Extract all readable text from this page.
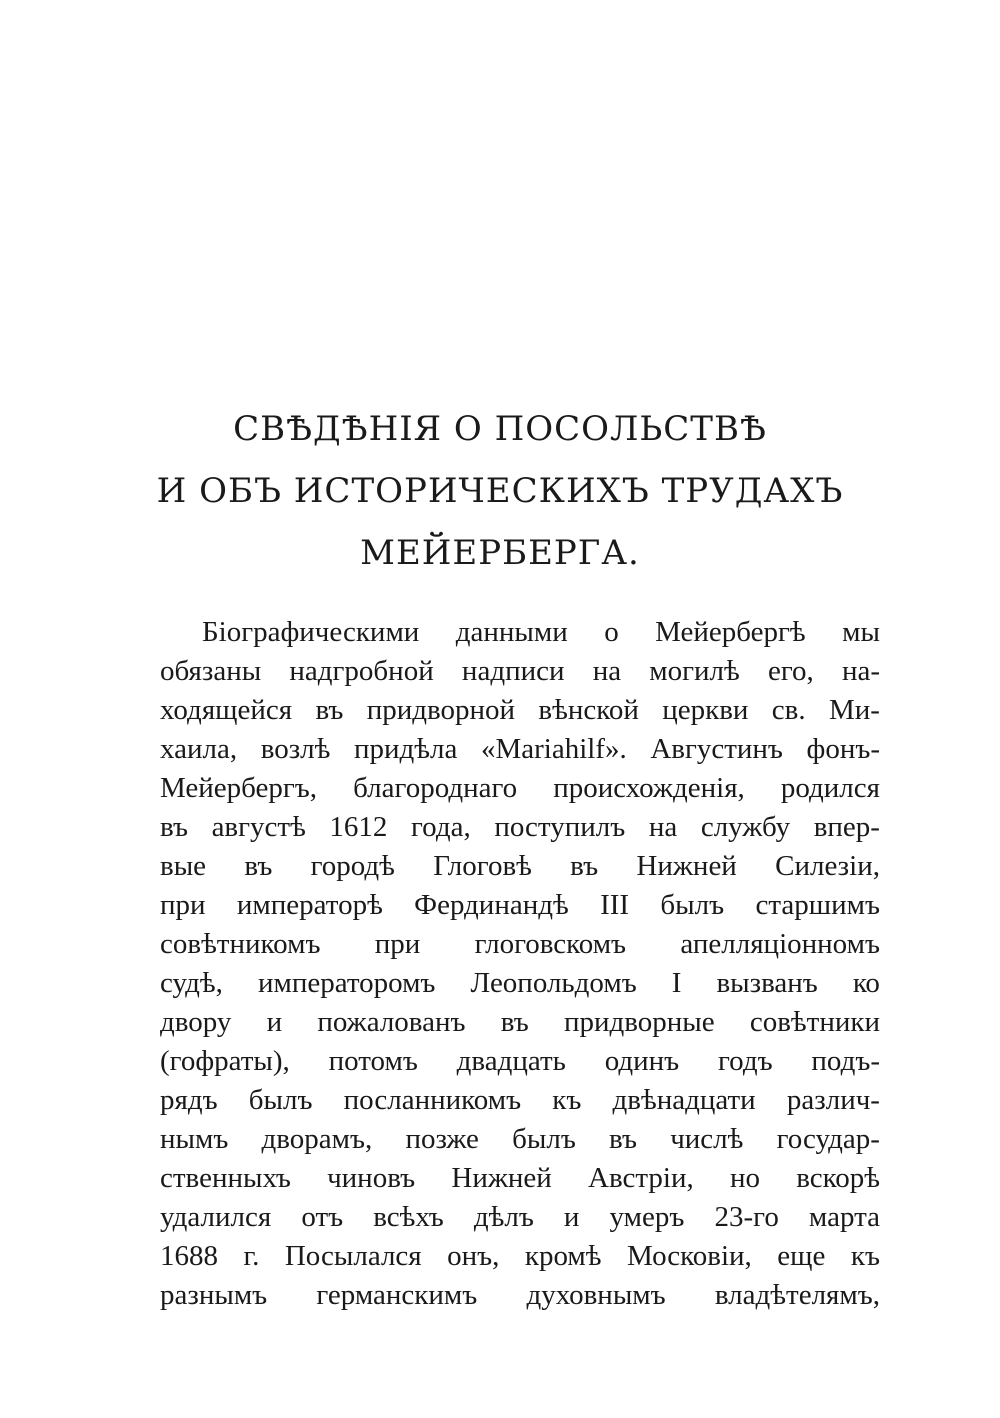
СВѢДѢНІЯ О ПОСОЛЬСТВѢ
И ОБЪ ИСТОРИЧЕСКИХЪ ТРУДАХЪ
МЕЙЕРБЕРГА.
Біографическими данными о Мейербергѣ мы
обязаны надгробной надписи на могилѣ его, на-
ходящейся въ придворной вѣнской церкви св. Ми-
хаила, возлѣ придѣла «Mariahilf». Августинъ фонъ-
Мейербергъ, благороднаго происхожденія, родился
въ августѣ 1612 года, поступилъ на службу впер-
вые въ городѣ Глоговѣ въ Нижней Силезіи,
при императорѣ Фердинандѣ III былъ старшимъ
совѣтникомъ при глоговскомъ апелляціонномъ
судѣ, императоромъ Леопольдомъ I вызванъ ко
двору и пожалованъ въ придворные совѣтники
(гофраты), потомъ двадцать одинъ годъ подъ-
рядъ былъ посланникомъ къ двѣнадцати различ-
нымъ дворамъ, позже былъ въ числѣ государ-
ственныхъ чиновъ Нижней Австріи, но вскорѣ
удалился отъ всѣхъ дѣлъ и умеръ 23-го марта
1688 г. Посылался онъ, кромѣ Московіи, еще къ
разнымъ германскимъ духовнымъ владѣтелямъ,
